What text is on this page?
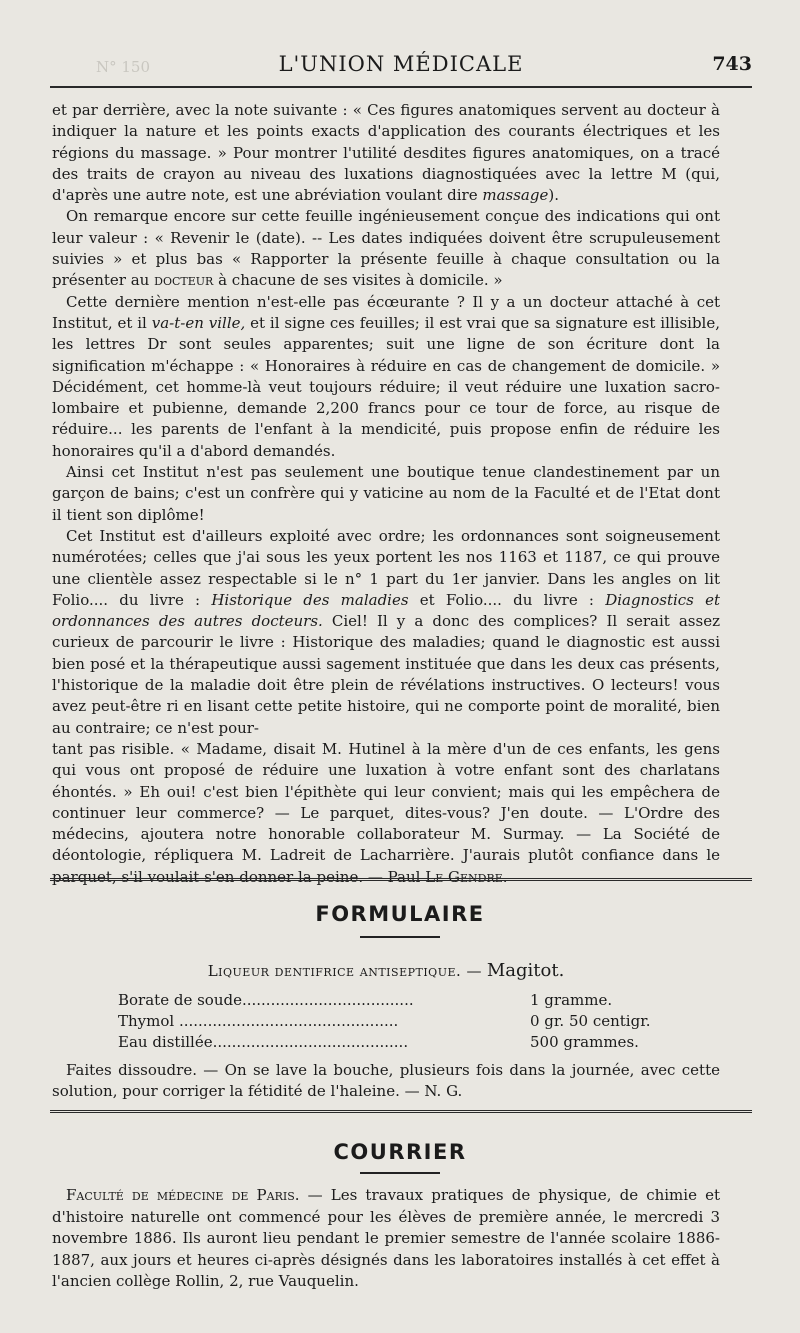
N° 150	L'UNION MÉDICALE	743

et par derrière, avec la note suivante : « Ces figures anatomiques servent au docteur à indiquer la nature et les points exacts d'application des courants électriques et les régions du massage. » Pour montrer l'utilité desdites figures anatomiques, on a tracé des traits de crayon au niveau des luxations diagnostiquées avec la lettre M (qui, d'après une autre note, est une abréviation voulant dire massage).

On remarque encore sur cette feuille ingénieusement conçue des indications qui ont leur valeur : « Revenir le (date). -- Les dates indiquées doivent être scrupuleusement suivies » et plus bas « Rapporter la présente feuille à chaque consultation ou la présenter au docteur à chacune de ses visites à domicile. »

Cette dernière mention n'est-elle pas écœurante ? Il y a un docteur attaché à cet Institut, et il va-t-en ville, et il signe ces feuilles; il est vrai que sa signature est illisible, les lettres Dr sont seules apparentes; suit une ligne de son écriture dont la signification m'échappe : « Honoraires à réduire en cas de changement de domicile. » Décidément, cet homme-là veut toujours réduire; il veut réduire une luxation sacro-lombaire et pubienne, demande 2,200 francs pour ce tour de force, au risque de réduire... les parents de l'enfant à la mendicité, puis propose enfin de réduire les honoraires qu'il a d'abord demandés.

Ainsi cet Institut n'est pas seulement une boutique tenue clandestinement par un garçon de bains; c'est un confrère qui y vaticine au nom de la Faculté et de l'Etat dont il tient son diplôme!

Cet Institut est d'ailleurs exploité avec ordre; les ordonnances sont soigneusement numérotées; celles que j'ai sous les yeux portent les nos 1163 et 1187, ce qui prouve une clientèle assez respectable si le n° 1 part du 1er janvier. Dans les angles on lit Folio.... du livre : Historique des maladies et Folio.... du livre : Diagnostics et ordonnances des autres docteurs. Ciel! Il y a donc des complices? Il serait assez curieux de parcourir le livre : Historique des maladies; quand le diagnostic est aussi bien posé et la thérapeutique aussi sagement instituée que dans les deux cas présents, l'historique de la maladie doit être plein de révélations instructives. O lecteurs! vous avez peut-être ri en lisant cette petite histoire, qui ne comporte point de moralité, bien au contraire; ce n'est pour-

tant pas risible. « Madame, disait M. Hutinel à la mère d'un de ces enfants, les gens qui vous ont proposé de réduire une luxation à votre enfant sont des charlatans éhontés. » Eh oui! c'est bien l'épithète qui leur convient; mais qui les empêchera de continuer leur commerce? — Le parquet, dites-vous? J'en doute. — L'Ordre des médecins, ajoutera notre honorable collaborateur M. Surmay. — La Société de déontologie, répliquera M. Ladreit de Lacharrière. J'aurais plutôt confiance dans le parquet, s'il voulait s'en donner la peine. — Paul Le Gendre.

FORMULAIRE
Liqueur dentifrice antiseptique. — Magitot.
Borate de soude....................................	1 gramme.
Thymol ..............................................	0 gr. 50 centigr.
Eau distillée.........................................	500 grammes.

Faites dissoudre. — On se lave la bouche, plusieurs fois dans la journée, avec cette solution, pour corriger la fétidité de l'haleine. — N. G.

COURRIER

Faculté de médecine de Paris. — Les travaux pratiques de physique, de chimie et d'histoire naturelle ont commencé pour les élèves de première année, le mercredi 3 novembre 1886. Ils auront lieu pendant le premier semestre de l'année scolaire 1886-1887, aux jours et heures ci-après désignés dans les laboratoires installés à cet effet à l'ancien collège Rollin, 2, rue Vauquelin.
